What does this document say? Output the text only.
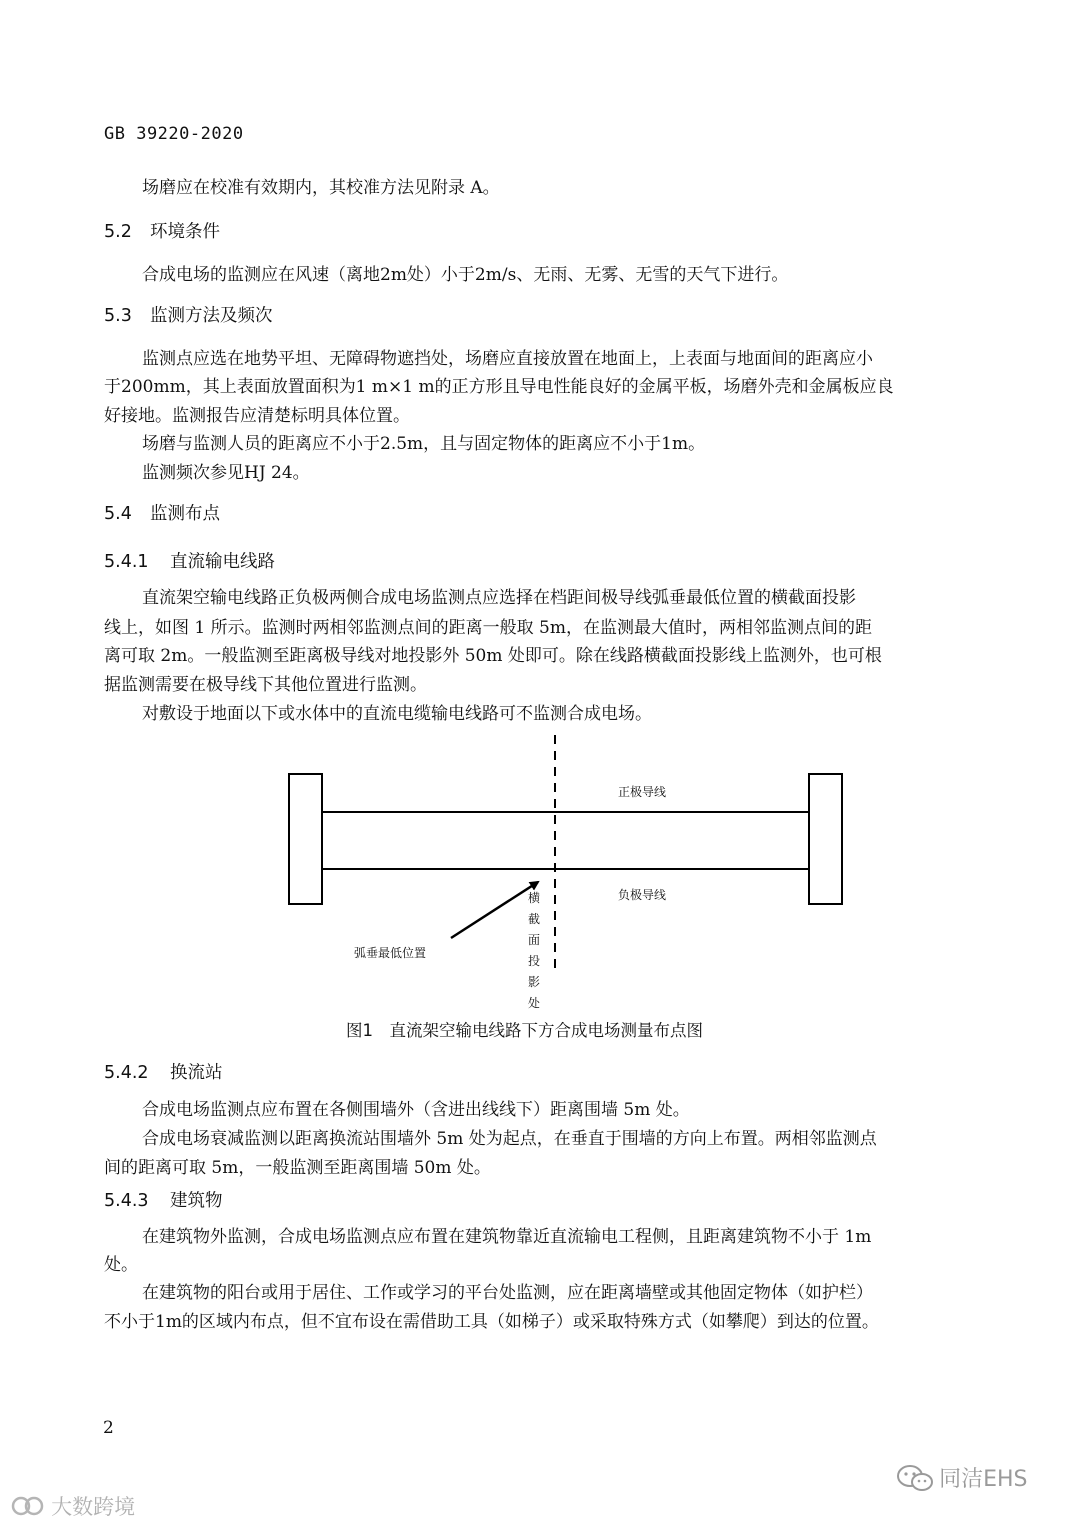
GB 39220-2020
场磨应在校准有效期内，其校准方法见附录 A。
5.2 环境条件
合成电场的监测应在风速（离地2m处）小于2m/s、无雨、无雾、无雪的天气下进行。
5.3 监测方法及频次
监测点应选在地势平坦、无障碍物遮挡处，场磨应直接放置在地面上，上表面与地面间的距离应小
于200mm，其上表面放置面积为1 m×1 m的正方形且导电性能良好的金属平板，场磨外壳和金属板应良
好接地。监测报告应清楚标明具体位置。
场磨与监测人员的距离应不小于2.5m，且与固定物体的距离应不小于1m。
监测频次参见HJ 24。
5.4 监测布点
5.4.1 直流输电线路
直流架空输电线路正负极两侧合成电场监测点应选择在档距间极导线弧垂最低位置的横截面投影
线上，如图 1 所示。监测时两相邻监测点间的距离一般取 5m，在监测最大值时，两相邻监测点间的距
离可取 2m。一般监测至距离极导线对地投影外 50m 处即可。除在线路横截面投影线上监测外，也可根
据监测需要在极导线下其他位置进行监测。
对敷设于地面以下或水体中的直流电缆输电线路可不监测合成电场。
正极导线
负极导线
弧垂最低位置
横截面投影处
图1　直流架空输电线路下方合成电场测量布点图
5.4.2 换流站
合成电场监测点应布置在各侧围墙外（含进出线线下）距离围墙 5m 处。
合成电场衰减监测以距离换流站围墙外 5m 处为起点，在垂直于围墙的方向上布置。两相邻监测点
间的距离可取 5m，一般监测至距离围墙 50m 处。
5.4.3 建筑物
在建筑物外监测，合成电场监测点应布置在建筑物靠近直流输电工程侧，且距离建筑物不小于 1m
处。
在建筑物的阳台或用于居住、工作或学习的平台处监测，应在距离墙壁或其他固定物体（如护栏）
不小于1m的区域内布点，但不宜布设在需借助工具（如梯子）或采取特殊方式（如攀爬）到达的位置。
2
同洁EHS
大数跨境
